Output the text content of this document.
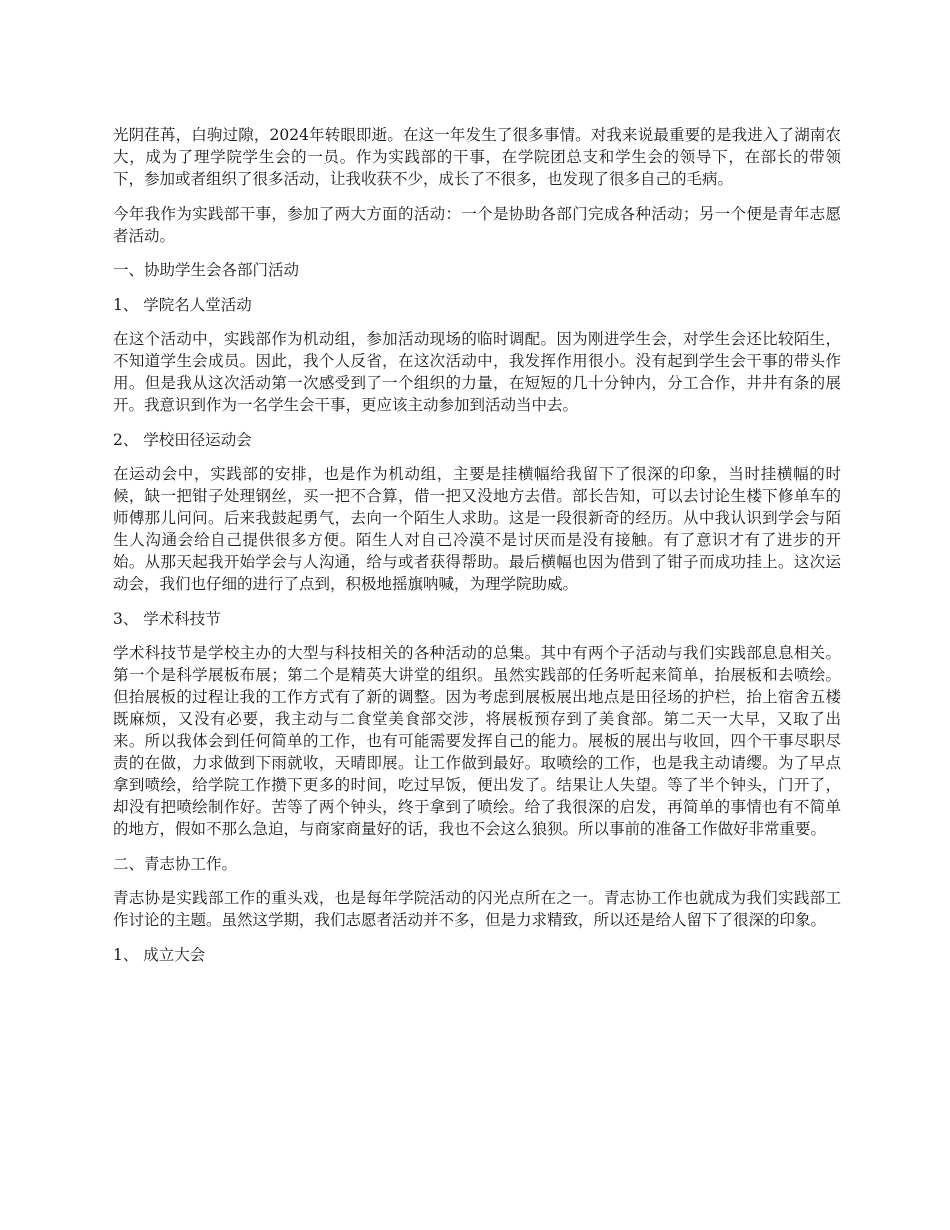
光阴荏苒，白驹过隙，2024年转眼即逝。在这一年发生了很多事情。对我来说最重要的是我进入了湖南农大，成为了理学院学生会的一员。作为实践部的干事，在学院团总支和学生会的领导下，在部长的带领下，参加或者组织了很多活动，让我收获不少，成长了不很多，也发现了很多自己的毛病。

今年我作为实践部干事，参加了两大方面的活动：一个是协助各部门完成各种活动；另一个便是青年志愿者活动。

一、协助学生会各部门活动

1、 学院名人堂活动

在这个活动中，实践部作为机动组，参加活动现场的临时调配。因为刚进学生会，对学生会还比较陌生，不知道学生会成员。因此，我个人反省，在这次活动中，我发挥作用很小。没有起到学生会干事的带头作用。但是我从这次活动第一次感受到了一个组织的力量，在短短的几十分钟内，分工合作，井井有条的展开。我意识到作为一名学生会干事，更应该主动参加到活动当中去。

2、 学校田径运动会

在运动会中，实践部的安排，也是作为机动组，主要是挂横幅给我留下了很深的印象，当时挂横幅的时候，缺一把钳子处理钢丝，买一把不合算，借一把又没地方去借。部长告知，可以去讨论生楼下修单车的师傅那儿问问。后来我鼓起勇气，去向一个陌生人求助。这是一段很新奇的经历。从中我认识到学会与陌生人沟通会给自己提供很多方便。陌生人对自己冷漠不是讨厌而是没有接触。有了意识才有了进步的开始。从那天起我开始学会与人沟通，给与或者获得帮助。最后横幅也因为借到了钳子而成功挂上。这次运动会，我们也仔细的进行了点到，积极地摇旗呐喊，为理学院助威。

3、 学术科技节

学术科技节是学校主办的大型与科技相关的各种活动的总集。其中有两个子活动与我们实践部息息相关。第一个是科学展板布展；第二个是精英大讲堂的组织。虽然实践部的任务听起来简单，抬展板和去喷绘。但抬展板的过程让我的工作方式有了新的调整。因为考虑到展板展出地点是田径场的护栏，抬上宿舍五楼既麻烦，又没有必要，我主动与二食堂美食部交涉，将展板预存到了美食部。第二天一大早，又取了出来。所以我体会到任何简单的工作，也有可能需要发挥自己的能力。展板的展出与收回，四个干事尽职尽责的在做，力求做到下雨就收，天晴即展。让工作做到最好。取喷绘的工作，也是我主动请缨。为了早点拿到喷绘，给学院工作攒下更多的时间，吃过早饭，便出发了。结果让人失望。等了半个钟头，门开了，却没有把喷绘制作好。苦等了两个钟头，终于拿到了喷绘。给了我很深的启发，再简单的事情也有不简单的地方，假如不那么急迫，与商家商量好的话，我也不会这么狼狈。所以事前的准备工作做好非常重要。

二、青志协工作。

青志协是实践部工作的重头戏，也是每年学院活动的闪光点所在之一。青志协工作也就成为我们实践部工作讨论的主题。虽然这学期，我们志愿者活动并不多，但是力求精致，所以还是给人留下了很深的印象。

1、 成立大会
